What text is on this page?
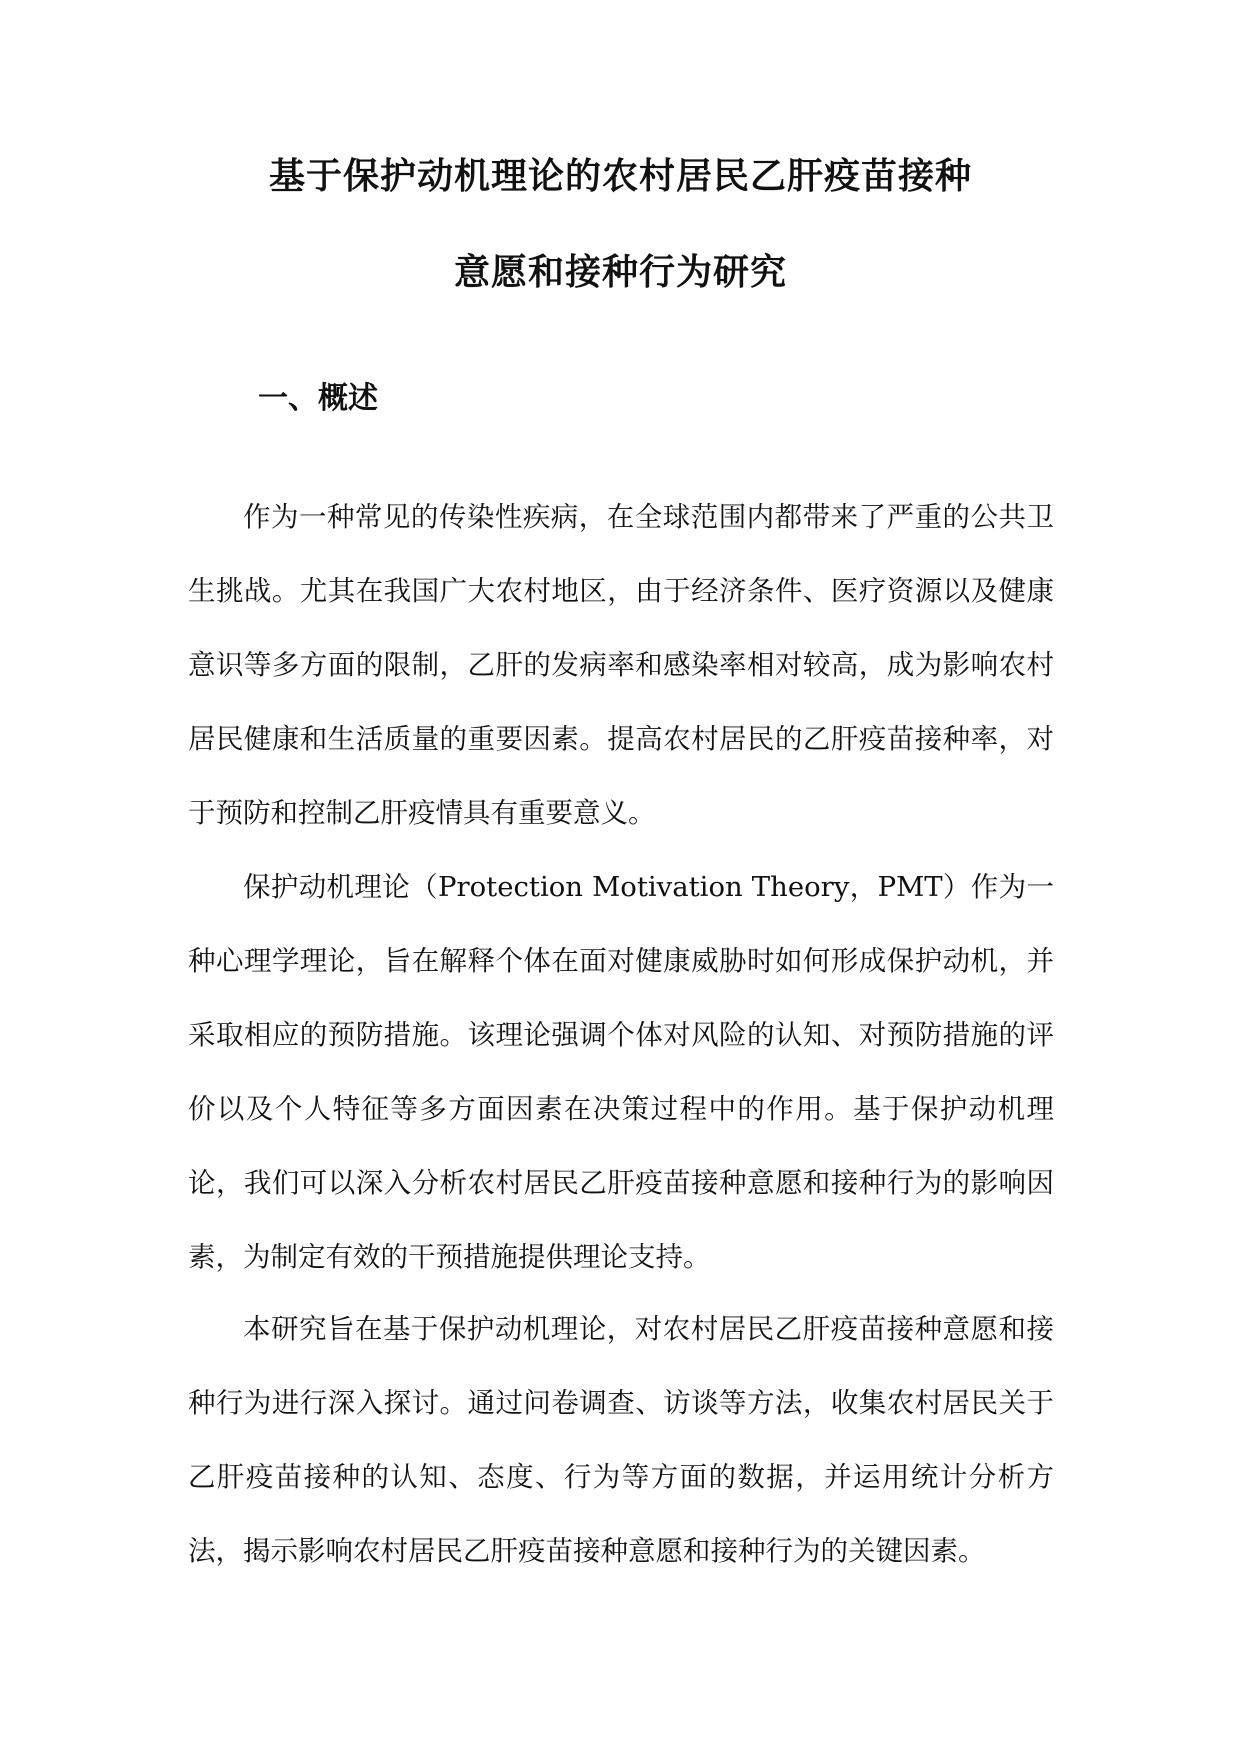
基于保护动机理论的农村居民乙肝疫苗接种
意愿和接种行为研究
一、概述

作为一种常见的传染性疾病，在全球范围内都带来了严重的公共卫生挑战。尤其在我国广大农村地区，由于经济条件、医疗资源以及健康意识等多方面的限制，乙肝的发病率和感染率相对较高，成为影响农村居民健康和生活质量的重要因素。提高农村居民的乙肝疫苗接种率，对于预防和控制乙肝疫情具有重要意义。

保护动机理论（Protection Motivation Theory，PMT）作为一种心理学理论，旨在解释个体在面对健康威胁时如何形成保护动机，并采取相应的预防措施。该理论强调个体对风险的认知、对预防措施的评价以及个人特征等多方面因素在决策过程中的作用。基于保护动机理论，我们可以深入分析农村居民乙肝疫苗接种意愿和接种行为的影响因素，为制定有效的干预措施提供理论支持。

本研究旨在基于保护动机理论，对农村居民乙肝疫苗接种意愿和接种行为进行深入探讨。通过问卷调查、访谈等方法，收集农村居民关于乙肝疫苗接种的认知、态度、行为等方面的数据，并运用统计分析方法，揭示影响农村居民乙肝疫苗接种意愿和接种行为的关键因素。
